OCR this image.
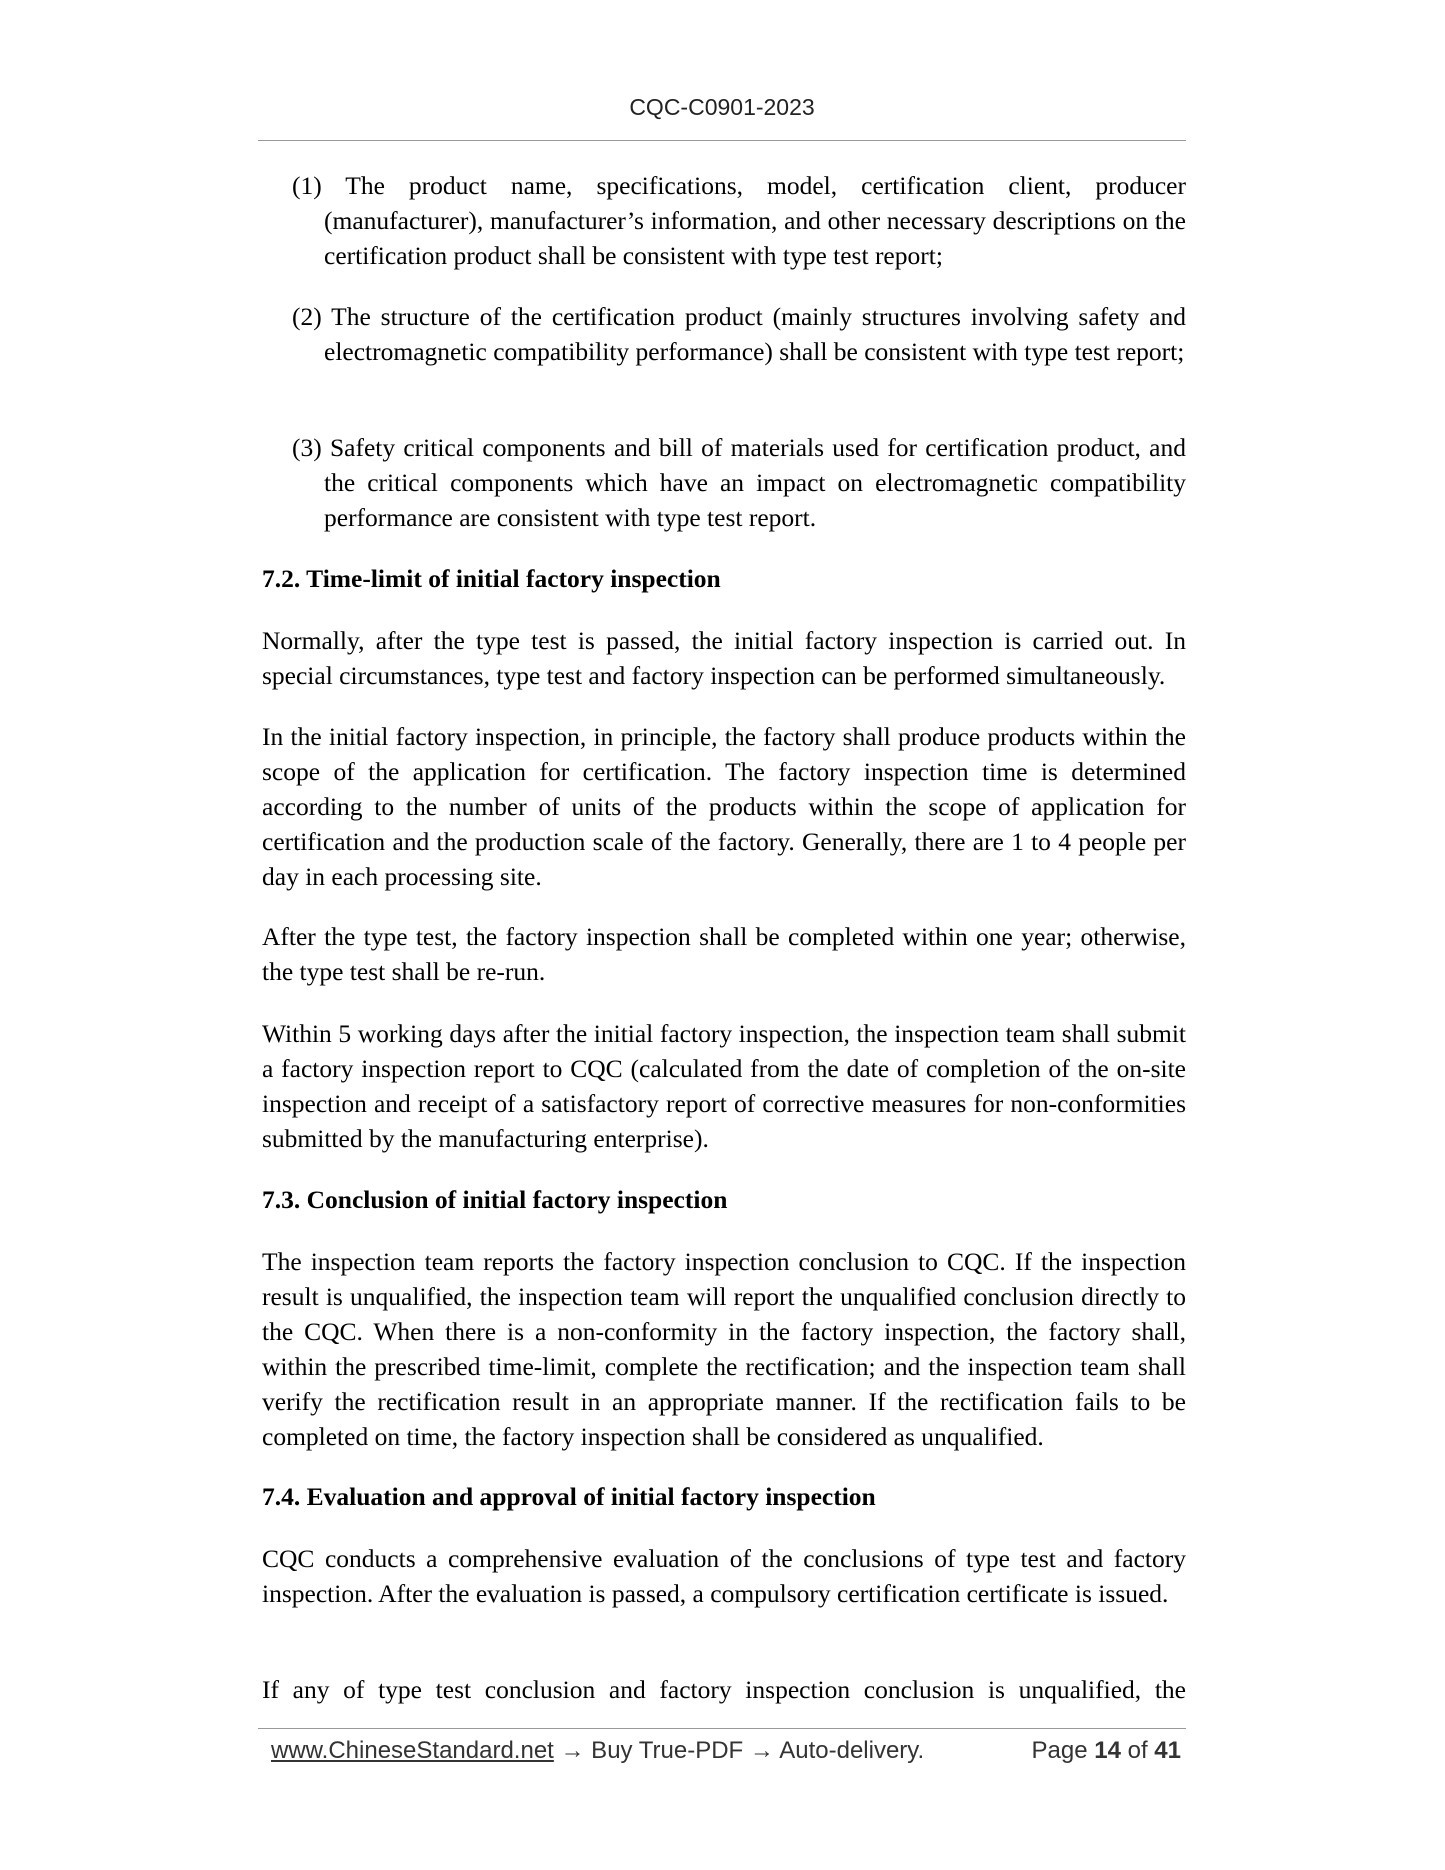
CQC-C0901-2023

(1) The product name, specifications, model, certification client, producer (manufacturer), manufacturer’s information, and other necessary descriptions on the certification product shall be consistent with type test report;

(2) The structure of the certification product (mainly structures involving safety and electromagnetic compatibility performance) shall be consistent with type test report;

(3) Safety critical components and bill of materials used for certification product, and the critical components which have an impact on electromagnetic compatibility performance are consistent with type test report.

7.2. Time-limit of initial factory inspection

Normally, after the type test is passed, the initial factory inspection is carried out. In special circumstances, type test and factory inspection can be performed simultaneously.

In the initial factory inspection, in principle, the factory shall produce products within the scope of the application for certification. The factory inspection time is determined according to the number of units of the products within the scope of application for certification and the production scale of the factory. Generally, there are 1 to 4 people per day in each processing site.

After the type test, the factory inspection shall be completed within one year; otherwise, the type test shall be re-run.

Within 5 working days after the initial factory inspection, the inspection team shall submit a factory inspection report to CQC (calculated from the date of completion of the on-site inspection and receipt of a satisfactory report of corrective measures for non-conformities submitted by the manufacturing enterprise).

7.3. Conclusion of initial factory inspection

The inspection team reports the factory inspection conclusion to CQC. If the inspection result is unqualified, the inspection team will report the unqualified conclusion directly to the CQC. When there is a non-conformity in the factory inspection, the factory shall, within the prescribed time-limit, complete the rectification; and the inspection team shall verify the rectification result in an appropriate manner. If the rectification fails to be completed on time, the factory inspection shall be considered as unqualified.

7.4. Evaluation and approval of initial factory inspection

CQC conducts a comprehensive evaluation of the conclusions of type test and factory inspection. After the evaluation is passed, a compulsory certification certificate is issued.

If any of type test conclusion and factory inspection conclusion is unqualified, the

www.ChineseStandard.net → Buy True-PDF → Auto-delivery.	Page 14 of 41
